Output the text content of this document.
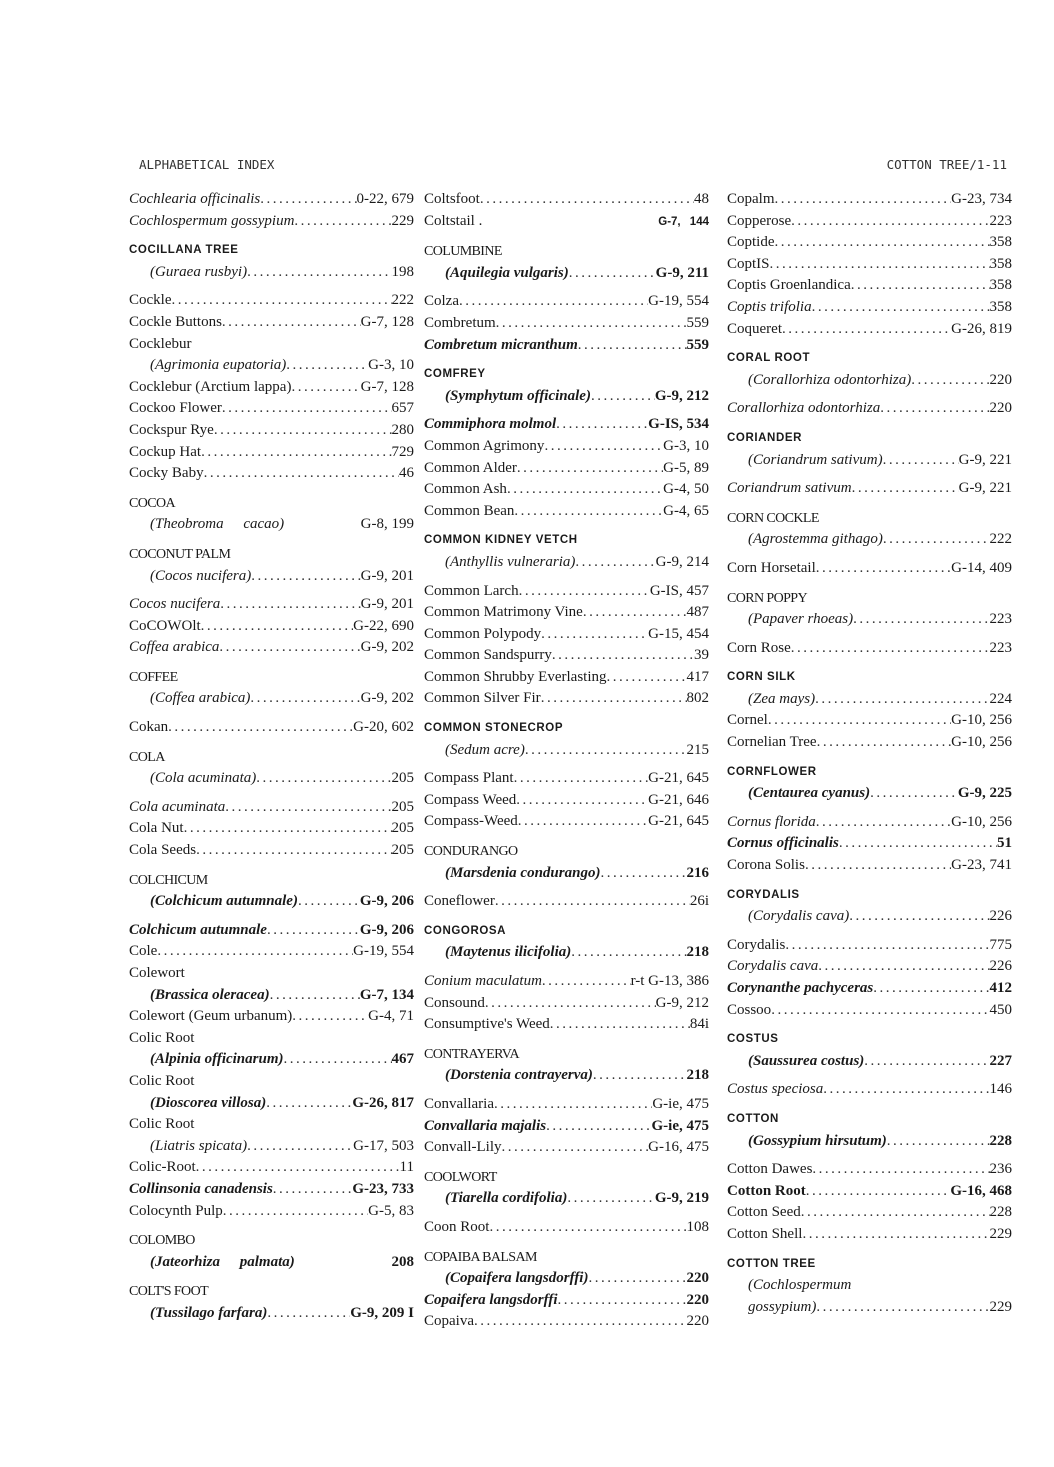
ALPHABETICAL INDEX	COTTON TREE/1-11
Cochlearia officinalis .....	0-22, 679
Cochlospermum gossypium .....	229
COCILLANA TREE
(Guraea rusbyi) .....	198
Cockle .....	222
Cockle Buttons .....	G-7, 128
Cocklebur
(Agrimonia eupatoria) .....	G-3, 10
Cocklebur (Arctium lappa) .....	G-7, 128
Cockoo Flower .....	657
Cockspur Rye .....	280
Cockup Hat .....	729
Cocky Baby .....	46
COCOA
(Theobroma cacao)	G-8, 199
COCONUT PALM
(Cocos nucifera) .....	G-9, 201
Cocos nucifera .....	G-9, 201
CoCOWOlt .....	G-22, 690
Coffea arabica .....	G-9, 202
COFFEE
(Coffea arabica) .....	G-9, 202
Cokan .....	G-20, 602
COLA
(Cola acuminata) .....	205
Cola acuminata .....	205
Cola Nut .....	205
Cola Seeds .....	205
COLCHICUM
(Colchicum autumnale) .....	G-9, 206
Colchicum autumnale .....	G-9, 206
Cole .....	G-19, 554
Colewort
(Brassica oleracea) .....	G-7, 134
Colewort (Geum urbanum) .....	G-4, 71
Colic Root
(Alpinia officinarum) .....	467
Colic Root
(Dioscorea villosa) .....	G-26, 817
Colic Root
(Liatris spicata) .....	G-17, 503
Colic-Root .....	11
Collinsonia canadensis .....	G-23, 733
Colocynth Pulp .....	G-5, 83
COLOMBO
(Jateorhiza palmata)	208
COLT'S FOOT
(Tussilago farfara) .....	G-9, 209 I
Coltsfoot .....	48
Coltstail .	G-7, 144
COLUMBINE
(Aquilegia vulgaris) .....	G-9, 211
Colza .....	G-19, 554
Combretum .....	559
Combretum micranthum .....	559
COMFREY
(Symphytum officinale) .....	G-9, 212
Commiphora molmol .....	G-IS, 534
Common Agrimony .....	G-3, 10
Common Alder .....	G-5, 89
Common Ash .....	G-4, 50
Common Bean .....	G-4, 65
COMMON KIDNEY VETCH
(Anthyllis vulneraria) .....	G-9, 214
Common Larch .....	G-IS, 457
Common Matrimony Vine .....	487
Common Polypody .....	G-15, 454
Common Sandspurry .....	39
Common Shrubby Everlasting .....	417
Common Silver Fir .....	802
COMMON STONECROP
(Sedum acre) .....	215
Compass Plant .....	G-21, 645
Compass Weed .....	G-21, 646
Compass-Weed .....	G-21, 645
CONDURANGO
(Marsdenia condurango) .....	216
Coneflower .....	26i
CONGOROSA
(Maytenus ilicifolia) .....	218
Conium maculatum .....	r-t G-13, 386
Consound .....	G-9, 212
Consumptive's Weed .....	84i
CONTRAYERVA
(Dorstenia contrayerva) .....	218
Convallaria .....	G-ie, 475
Convallaria majalis .....	G-ie, 475
Convall-Lily .....	G-16, 475
COOLWORT
(Tiarella cordifolia) .....	G-9, 219
Coon Root .....	108
COPAIBA BALSAM
(Copaifera langsdorffi) .....	220
Copaifera langsdorffi .....	220
Copaiva .....	220
Copalm .....	G-23, 734
Copperose .....	223
Coptide .....	358
CoptIS .....	358
Coptis Groenlandica .....	358
Coptis trifolia .....	358
Coqueret .....	G-26, 819
CORAL ROOT
(Corallorhiza odontorhiza) .....	220
Corallorhiza odontorhiza .....	220
CORIANDER
(Coriandrum sativum) .....	G-9, 221
Coriandrum sativum .....	G-9, 221
CORN COCKLE
(Agrostemma githago) .....	222
Corn Horsetail .....	G-14, 409
CORN POPPY
(Papaver rhoeas) .....	223
Corn Rose .....	223
CORN SILK
(Zea mays) .....	224
Cornel .....	G-10, 256
Cornelian Tree .....	G-10, 256
CORNFLOWER
(Centaurea cyanus) .....	G-9, 225
Cornus florida .....	G-10, 256
Cornus officinalis .....	51
Corona Solis .....	G-23, 741
CORYDALIS
(Corydalis cava) .....	226
Corydalis .....	775
Corydalis cava .....	226
Corynanthe pachyceras .....	412
Cossoo .....	450
COSTUS
(Saussurea costus) .....	227
Costus speciosa .....	146
COTTON
(Gossypium hirsutum) .....	228
Cotton Dawes .....	236
Cotton Root .....	G-16, 468
Cotton Seed .....	228
Cotton Shell .....	229
COTTON TREE
(Cochlospermum
gossypium) .....	229
